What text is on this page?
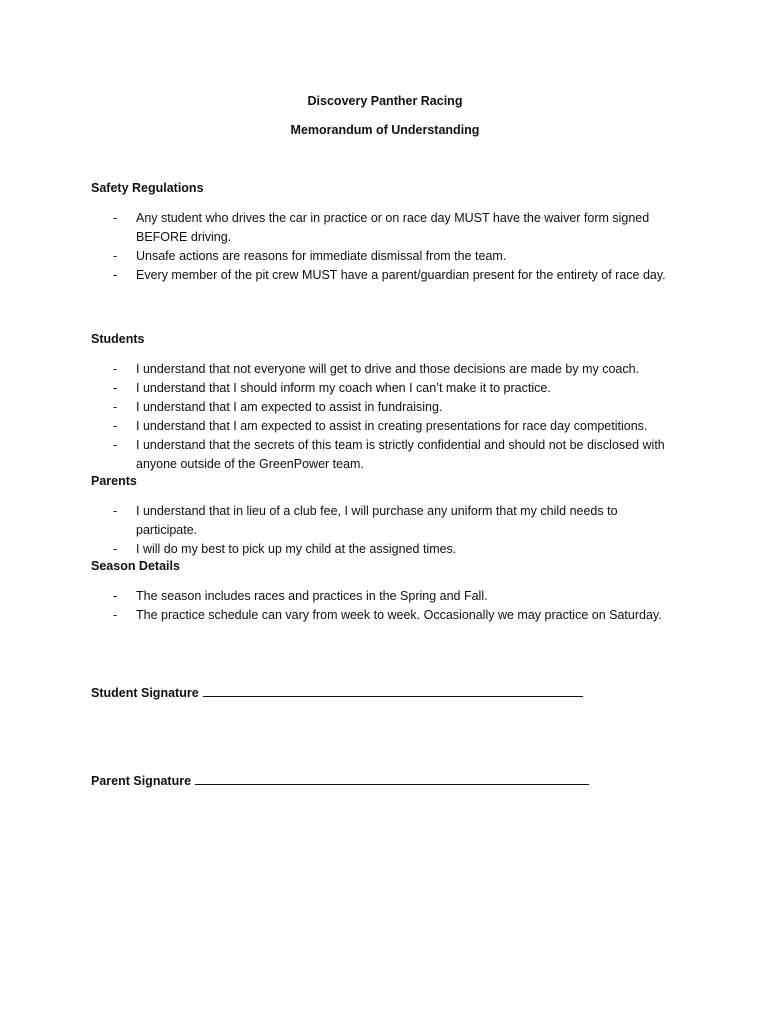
Discovery Panther Racing
Memorandum of Understanding
Safety Regulations
- Any student who drives the car in practice or on race day MUST have the waiver form signed BEFORE driving.
- Unsafe actions are reasons for immediate dismissal from the team.
- Every member of the pit crew MUST have a parent/guardian present for the entirety of race day.
Students
- I understand that not everyone will get to drive and those decisions are made by my coach.
- I understand that I should inform my coach when I can’t make it to practice.
- I understand that I am expected to assist in fundraising.
- I understand that I am expected to assist in creating presentations for race day competitions.
- I understand that the secrets of this team is strictly confidential and should not be disclosed with anyone outside of the GreenPower team.
Parents
- I understand that in lieu of a club fee, I will purchase any uniform that my child needs to participate.
- I will do my best to pick up my child at the assigned times.
Season Details
- The season includes races and practices in the Spring and Fall.
- The practice schedule can vary from week to week. Occasionally we may practice on Saturday.
Student Signature
Parent Signature
